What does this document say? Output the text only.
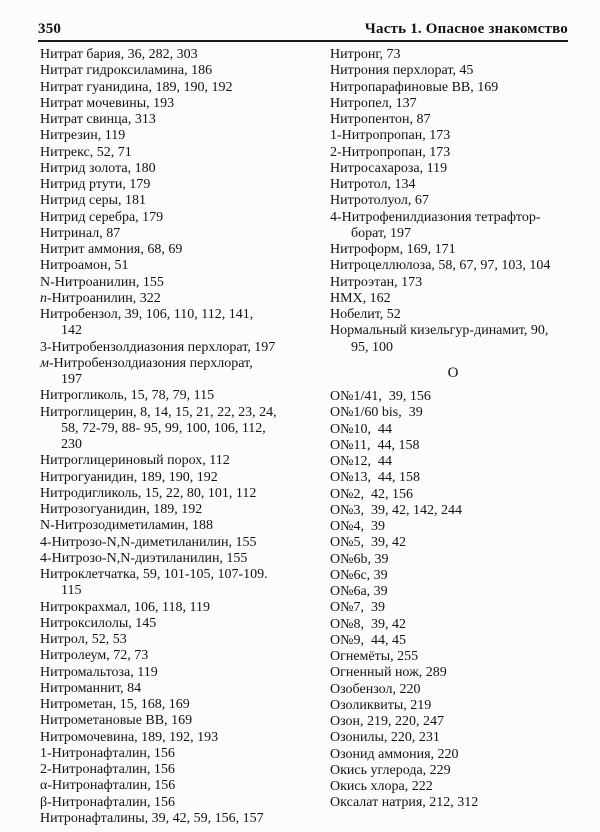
350	Часть 1. Опасное знакомство
Нитрат бария, 36, 282, 303
Нитрат гидроксиламина, 186
Нитрат гуанидина, 189, 190, 192
Нитрат мочевины, 193
Нитрат свинца, 313
Нитрезин, 119
Нитрекс, 52, 71
Нитрид золота, 180
Нитрид ртути, 179
Нитрид серы, 181
Нитрид серебра, 179
Нитринал, 87
Нитрит аммония, 68, 69
Нитроамон, 51
N-Нитроанилин, 155
п-Нитроанилин, 322
Нитробензол, 39, 106, 110, 112, 141,
142
3-Нитробензолдиазония перхлорат, 197
м-Нитробензолдиазония перхлорат,
197
Нитрогликоль, 15, 78, 79, 115
Нитроглицерин, 8, 14, 15, 21, 22, 23, 24,
58, 72-79, 88- 95, 99, 100, 106, 112,
230
Нитроглицериновый порох, 112
Нитрогуанидин, 189, 190, 192
Нитродигликоль, 15, 22, 80, 101, 112
Нитрозогуанидин, 189, 192
N-Нитрозодиметиламин, 188
4-Нитрозо-N,N-диметиланилин, 155
4-Нитрозо-N,N-диэтиланилин, 155
Нитроклетчатка, 59, 101-105, 107-109.
115
Нитрокрахмал, 106, 118, 119
Нитроксилолы, 145
Нитрол, 52, 53
Нитролеум, 72, 73
Нитромальтоза, 119
Нитроманнит, 84
Нитрометан, 15, 168, 169
Нитрометановые ВВ, 169
Нитромочевина, 189, 192, 193
1-Нитронафталин, 156
2-Нитронафталин, 156
α-Нитронафталин, 156
β-Нитронафталин, 156
Нитронафталины, 39, 42, 59, 156, 157
Нитронг, 73
Нитрония перхлорат, 45
Нитропарафиновые ВВ, 169
Нитропел, 137
Нитропентон, 87
1-Нитропропан, 173
2-Нитропропан, 173
Нитросахароза, 119
Нитротол, 134
Нитротолуол, 67
4-Нитрофенилдиазония тетрафтор-
борат, 197
Нитроформ, 169, 171
Нитроцеллюлоза, 58, 67, 97, 103, 104
Нитроэтан, 173
НМХ, 162
Нобелит, 52
Нормальный кизельгур-динамит, 90,
95, 100
О
О№1/41,  39, 156
О№1/60 bis,  39
О№10,  44
О№11,  44, 158
О№12,  44
О№13,  44, 158
О№2,  42, 156
О№3,  39, 42, 142, 244
О№4,  39
О№5,  39, 42
О№6b, 39
О№6c, 39
О№6a, 39
О№7,  39
О№8,  39, 42
О№9,  44, 45
Огнемёты, 255
Огненный нож, 289
Озобензол, 220
Озоликвиты, 219
Озон, 219, 220, 247
Озонилы, 220, 231
Озонид аммония, 220
Окись углерода, 229
Окись хлора, 222
Оксалат натрия, 212, 312
